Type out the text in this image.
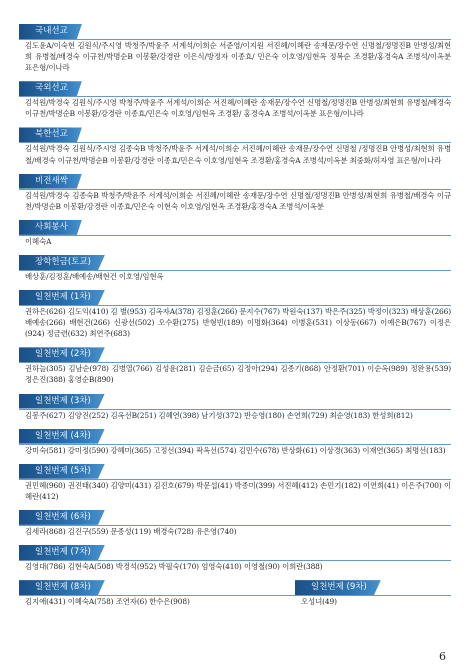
국내선교
김도윤A/이숙현 김원식/주시영 박청주/박윤주 서계석/이희순 서준영/이지원 서진혜/이혜란 송재문/장수연 신명철/정명진B 안병성/최현희 유병철/배경숙 이규천/박명순B 이봉환/강경란 이은식/방정자 이종효/ 민은숙 이호영/임현옥 정복순 조경환/홍경숙A 조병석/이옥분 표은형/이나라
국외선교
김석원/박경숙 김원식/주시영 박청주/박윤주 서계석/이희순 서진혜/이혜란 송재문/장수연 신명철/정명진B 안병성/최현희 유병철/배경숙 이규천/박명순B 이봉환/강경란 이종효/민은숙 이호영/임현옥 조경환/ 홍경숙A 조병석/이옥분 표은형/이나라
북한선교
김석원/박경숙 김원식/주시영 김종숙B 박청주/박윤주 서계석/이희순 서진혜/이혜란 송재문/장수연 신명철 /정명진B 안병성/최현희 유병철/배경숙 이규천/박명순B 이봉환/강경란 이종효/민은숙 이호영/임현옥 조경환/홍경숙A 조병석/이옥분 최중화/허자영 표은형/이나라
비전새싹
김석원/박경숙 김종숙B 박청주/박윤주 서계석/이희순 서진혜/이혜란 송재문/장수연 신명철/정명진B 안병성/최현희 유병철/배경숙 이규천/박명순B 이봉환/강경란 이종효/민은숙 이현숙 이호영/임현옥 조경환/홍경숙A 조병석/이옥분
사회봉사
이혜숙A
장학헌금(토교)
배상훈/김정훈/배예송/배현건 이호영/임현옥
일천번제 (1차)
권하은(626) 김도익(410) 김 별(953) 김옥자A(378) 김정훈(266) 문지수(767) 박원숙(137) 박은주(325) 박정이(323) 배상훈(266) 배예송(266) 배현건(266) 신광선(502) 오수환(275) 반형빈(189) 이명화(364) 이병훈(531) 이상동(667) 이예은B(767) 이정은(924) 정금련(632) 최연주(683)
일천번제 (2차)
권하늘(305) 김남순(978) 김병열(766) 김성윤(281) 김순금(65) 김정아(294) 김종기(868) 안정환(701) 이순옥(989) 정완용(539) 정은진(388) 홍영순B(890)
일천번제 (3차)
김봉주(627) 김양진(252) 김옥선B(251) 김혜연(398) 남기성(372) 반승영(180) 손연희(729) 최순영(183) 한성희(812)
일천번제 (4차)
강미숙(581) 강미정(590) 강혜미(365) 고정선(394) 곽옥선(574) 김민수(678) 반상화(61) 이상경(363) 이재연(365) 최명선(183)
일천번제 (5차)
권민혜(960) 권진태(340) 김양미(431) 김진호(679) 박문섭(41) 박종미(399) 서진혜(412) 손민기(182) 이연희(41) 이은주(700) 이혜란(412)
일천번제 (6차)
김세라(868) 김진구(559) 문종성(119) 배경숙(728) 유은영(740)
일천번제 (7차)
김영대(786) 김현숙A(508) 박경석(952) 박필숙(170) 엄영숙(410) 이영철(90) 이희란(388)
일천번제 (8차)
김지애(431) 이혜숙A(758) 조연자(6) 한수은(908)
일천번제 (9차)
오성녀(49)
6
